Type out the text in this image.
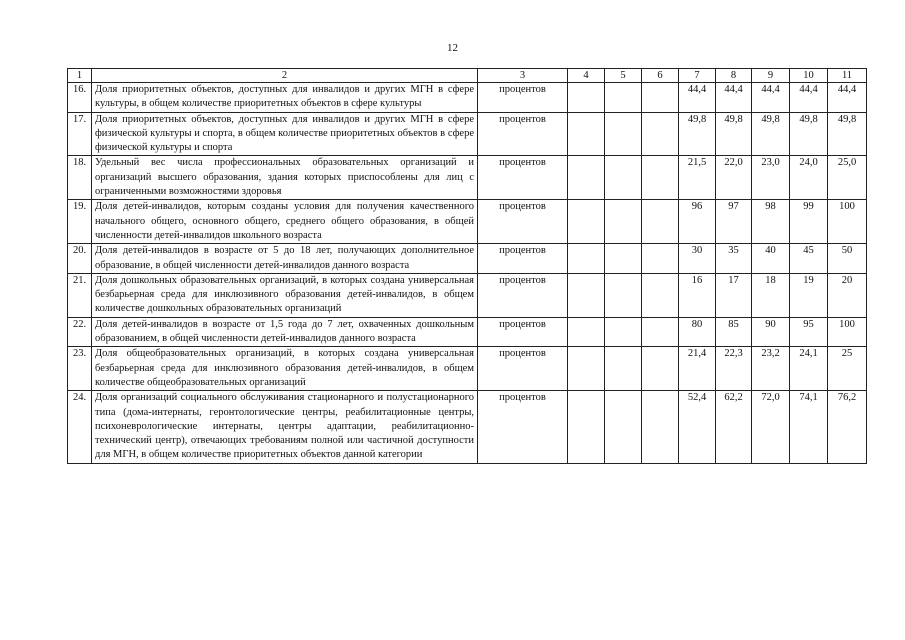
12
1	2	3	4	5	6	7	8	9	10	11
16.	Доля приоритетных объектов, доступных для инвалидов и других МГН в сфере культуры, в общем количестве приоритетных объектов в сфере культуры	процентов				44,4	44,4	44,4	44,4	44,4
17.	Доля приоритетных объектов, доступных для инвалидов и других МГН в сфере физической культуры и спорта, в общем количестве приоритетных объектов в сфере физической культуры и спорта	процентов				49,8	49,8	49,8	49,8	49,8
18.	Удельный вес числа профессиональных образовательных организаций и организаций высшего образования, здания которых приспособлены для лиц с ограниченными возможностями здоровья	процентов				21,5	22,0	23,0	24,0	25,0
19.	Доля детей-инвалидов, которым созданы условия для получения качественного начального общего, основного общего, среднего общего образования, в общей численности детей-инвалидов школьного возраста	процентов				96	97	98	99	100
20.	Доля детей-инвалидов в возрасте от 5 до 18 лет, получающих дополнительное образование, в общей численности детей-инвалидов данного возраста	процентов				30	35	40	45	50
21.	Доля дошкольных образовательных организаций, в которых создана универсальная безбарьерная среда для инклюзивного образования детей-инвалидов, в общем количестве дошкольных образовательных организаций	процентов				16	17	18	19	20
22.	Доля детей-инвалидов в возрасте от 1,5 года до 7 лет, охваченных дошкольным образованием, в общей численности детей-инвалидов данного возраста	процентов				80	85	90	95	100
23.	Доля общеобразовательных организаций, в которых создана универсальная безбарьерная среда для инклюзивного образования детей-инвалидов, в общем количестве общеобразовательных организаций	процентов				21,4	22,3	23,2	24,1	25
24.	Доля организаций социального обслуживания стационарного и полустационарного типа (дома-интернаты, геронтологические центры, реабилитационные центры, психоневрологические интернаты, центры адаптации, реабилитационно-технический центр), отвечающих требованиям полной или частичной доступности для МГН, в общем количестве приоритетных объектов данной категории	процентов				52,4	62,2	72,0	74,1	76,2
